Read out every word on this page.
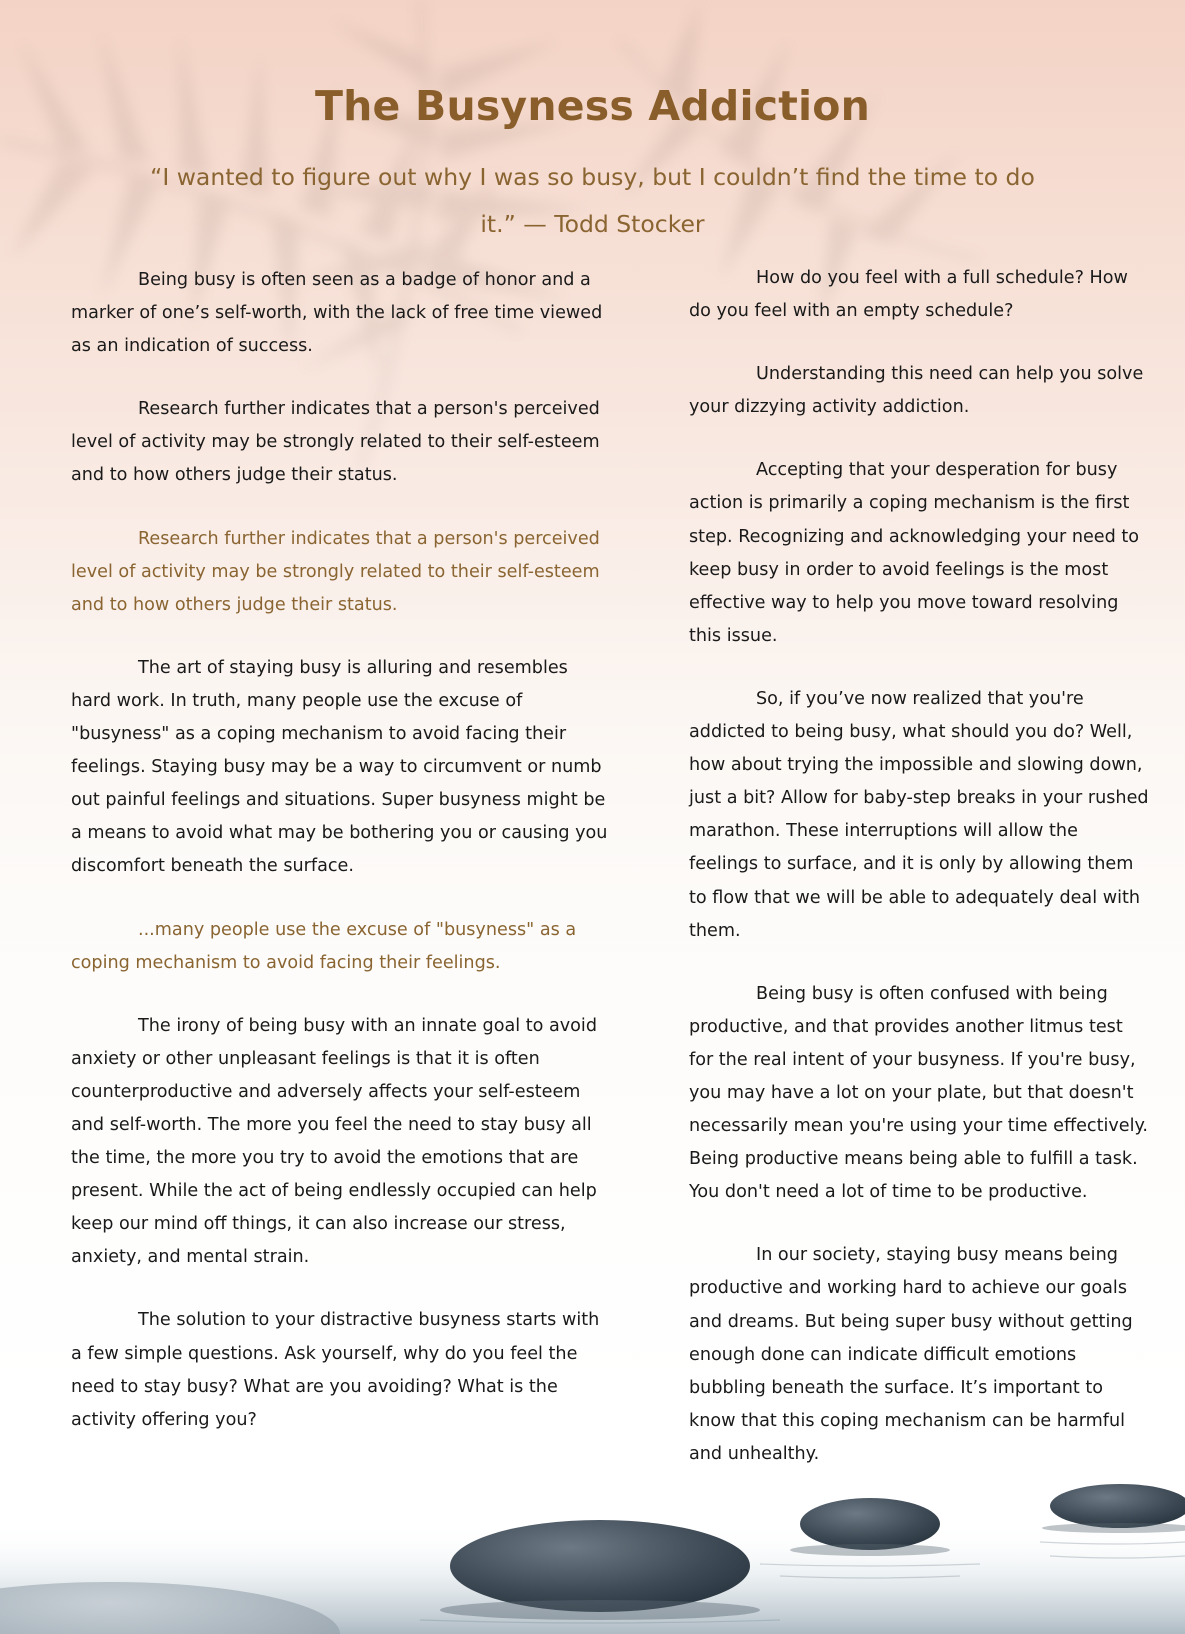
The Busyness Addiction

“I wanted to figure out why I was so busy, but I couldn’t find the time to do it.” — Todd Stocker

Being busy is often seen as a badge of honor and a marker of one’s self-worth, with the lack of free time viewed as an indication of success.

Research further indicates that a person's perceived level of activity may be strongly related to their self-esteem and to how others judge their status.

Research further indicates that a person's perceived level of activity may be strongly related to their self-esteem and to how others judge their status.

The art of staying busy is alluring and resembles hard work. In truth, many people use the excuse of "busyness" as a coping mechanism to avoid facing their feelings. Staying busy may be a way to circumvent or numb out painful feelings and situations. Super busyness might be a means to avoid what may be bothering you or causing you discomfort beneath the surface.

...many people use the excuse of "busyness" as a coping mechanism to avoid facing their feelings.

The irony of being busy with an innate goal to avoid anxiety or other unpleasant feelings is that it is often counterproductive and adversely affects your self-esteem and self-worth. The more you feel the need to stay busy all the time, the more you try to avoid the emotions that are present. While the act of being endlessly occupied can help keep our mind off things, it can also increase our stress, anxiety, and mental strain.

The solution to your distractive busyness starts with a few simple questions. Ask yourself, why do you feel the need to stay busy? What are you avoiding? What is the activity offering you?

How do you feel with a full schedule? How do you feel with an empty schedule?

Understanding this need can help you solve your dizzying activity addiction.

Accepting that your desperation for busy action is primarily a coping mechanism is the first step. Recognizing and acknowledging your need to keep busy in order to avoid feelings is the most effective way to help you move toward resolving this issue.

So, if you’ve now realized that you're addicted to being busy, what should you do? Well, how about trying the impossible and slowing down, just a bit? Allow for baby-step breaks in your rushed marathon. These interruptions will allow the feelings to surface, and it is only by allowing them to flow that we will be able to adequately deal with them.

Being busy is often confused with being productive, and that provides another litmus test for the real intent of your busyness. If you're busy, you may have a lot on your plate, but that doesn't necessarily mean you're using your time effectively. Being productive means being able to fulfill a task. You don't need a lot of time to be productive.

In our society, staying busy means being productive and working hard to achieve our goals and dreams. But being super busy without getting enough done can indicate difficult emotions bubbling beneath the surface. It’s important to know that this coping mechanism can be harmful and unhealthy.
